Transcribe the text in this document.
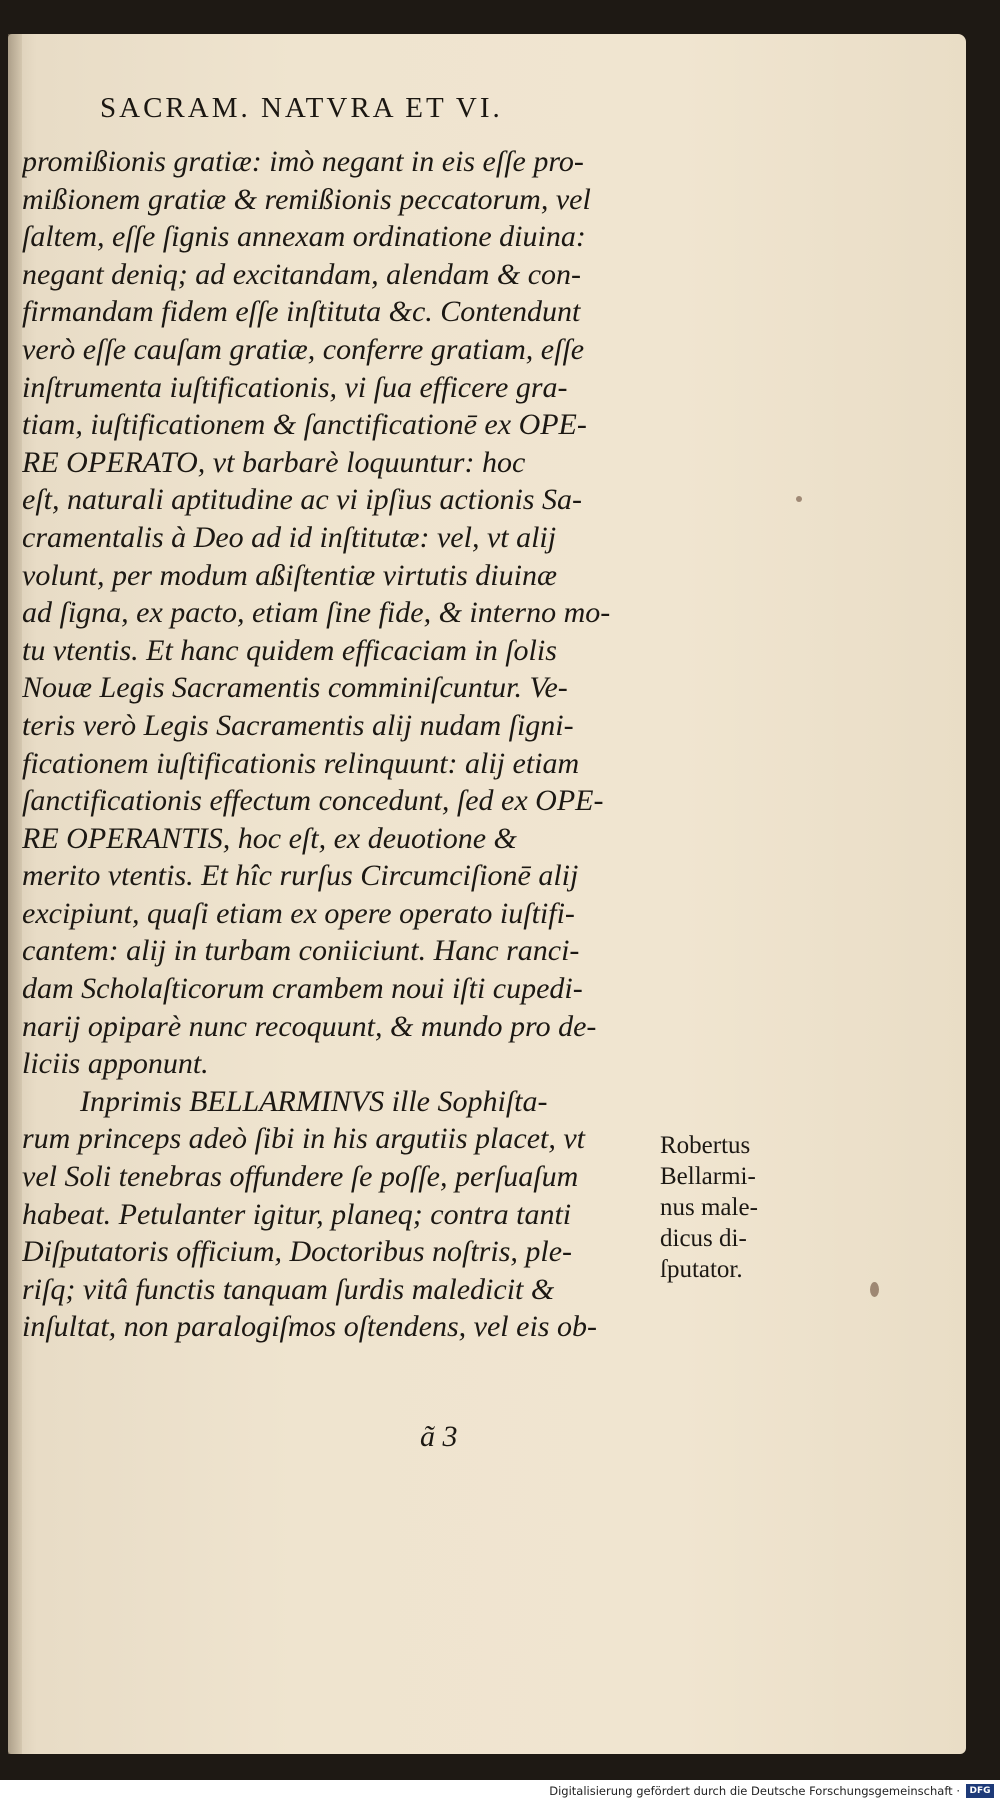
SACRAM. NATVRA ET VI.
promißionis gratiæ: imò negant in eis eſſe pro-
mißionem gratiæ & remißionis peccatorum, vel
ſaltem, eſſe ſignis annexam ordinatione diuina:
negant deniq; ad excitandam, alendam & con-
firmandam fidem eſſe inſtituta &c. Contendunt
verò eſſe cauſam gratiæ, conferre gratiam, eſſe
inſtrumenta iuſtificationis, vi ſua efficere gra-
tiam, iuſtificationem & ſanctificationē ex OPE-
RE OPERATO, vt barbarè loquuntur: hoc
eſt, naturali aptitudine ac vi ipſius actionis Sa-
cramentalis à Deo ad id inſtitutæ: vel, vt alij
volunt, per modum aßiſtentiæ virtutis diuinæ
ad ſigna, ex pacto, etiam ſine fide, & interno mo-
tu vtentis. Et hanc quidem efficaciam in ſolis
Nouæ Legis Sacramentis comminiſcuntur. Ve-
teris verò Legis Sacramentis alij nudam ſigni-
ficationem iuſtificationis relinquunt: alij etiam
ſanctificationis effectum concedunt, ſed ex OPE-
RE OPERANTIS, hoc eſt, ex deuotione &
merito vtentis. Et hîc rurſus Circumciſionē alij
excipiunt, quaſi etiam ex opere operato iuſtifi-
cantem: alij in turbam coniiciunt. Hanc ranci-
dam Scholaſticorum crambem noui iſti cupedi-
narij opiparè nunc recoquunt, & mundo pro de-
liciis apponunt.
Inprimis BELLARMINVS ille Sophiſta-
rum princeps adeò ſibi in his argutiis placet, vt
vel Soli tenebras offundere ſe poſſe, perſuaſum
habeat. Petulanter igitur, planeq; contra tanti
Diſputatoris officium, Doctoribus noſtris, ple-
riſq; vitâ functis tanquam ſurdis maledicit &
inſultat, non paralogiſmos oſtendens, vel eis ob-
Robertus
Bellarmi-
nus male-
dicus di-
ſputator.
ã 3
Digitalisierung gefördert durch die Deutsche Forschungsgemeinschaft ·	DFG
